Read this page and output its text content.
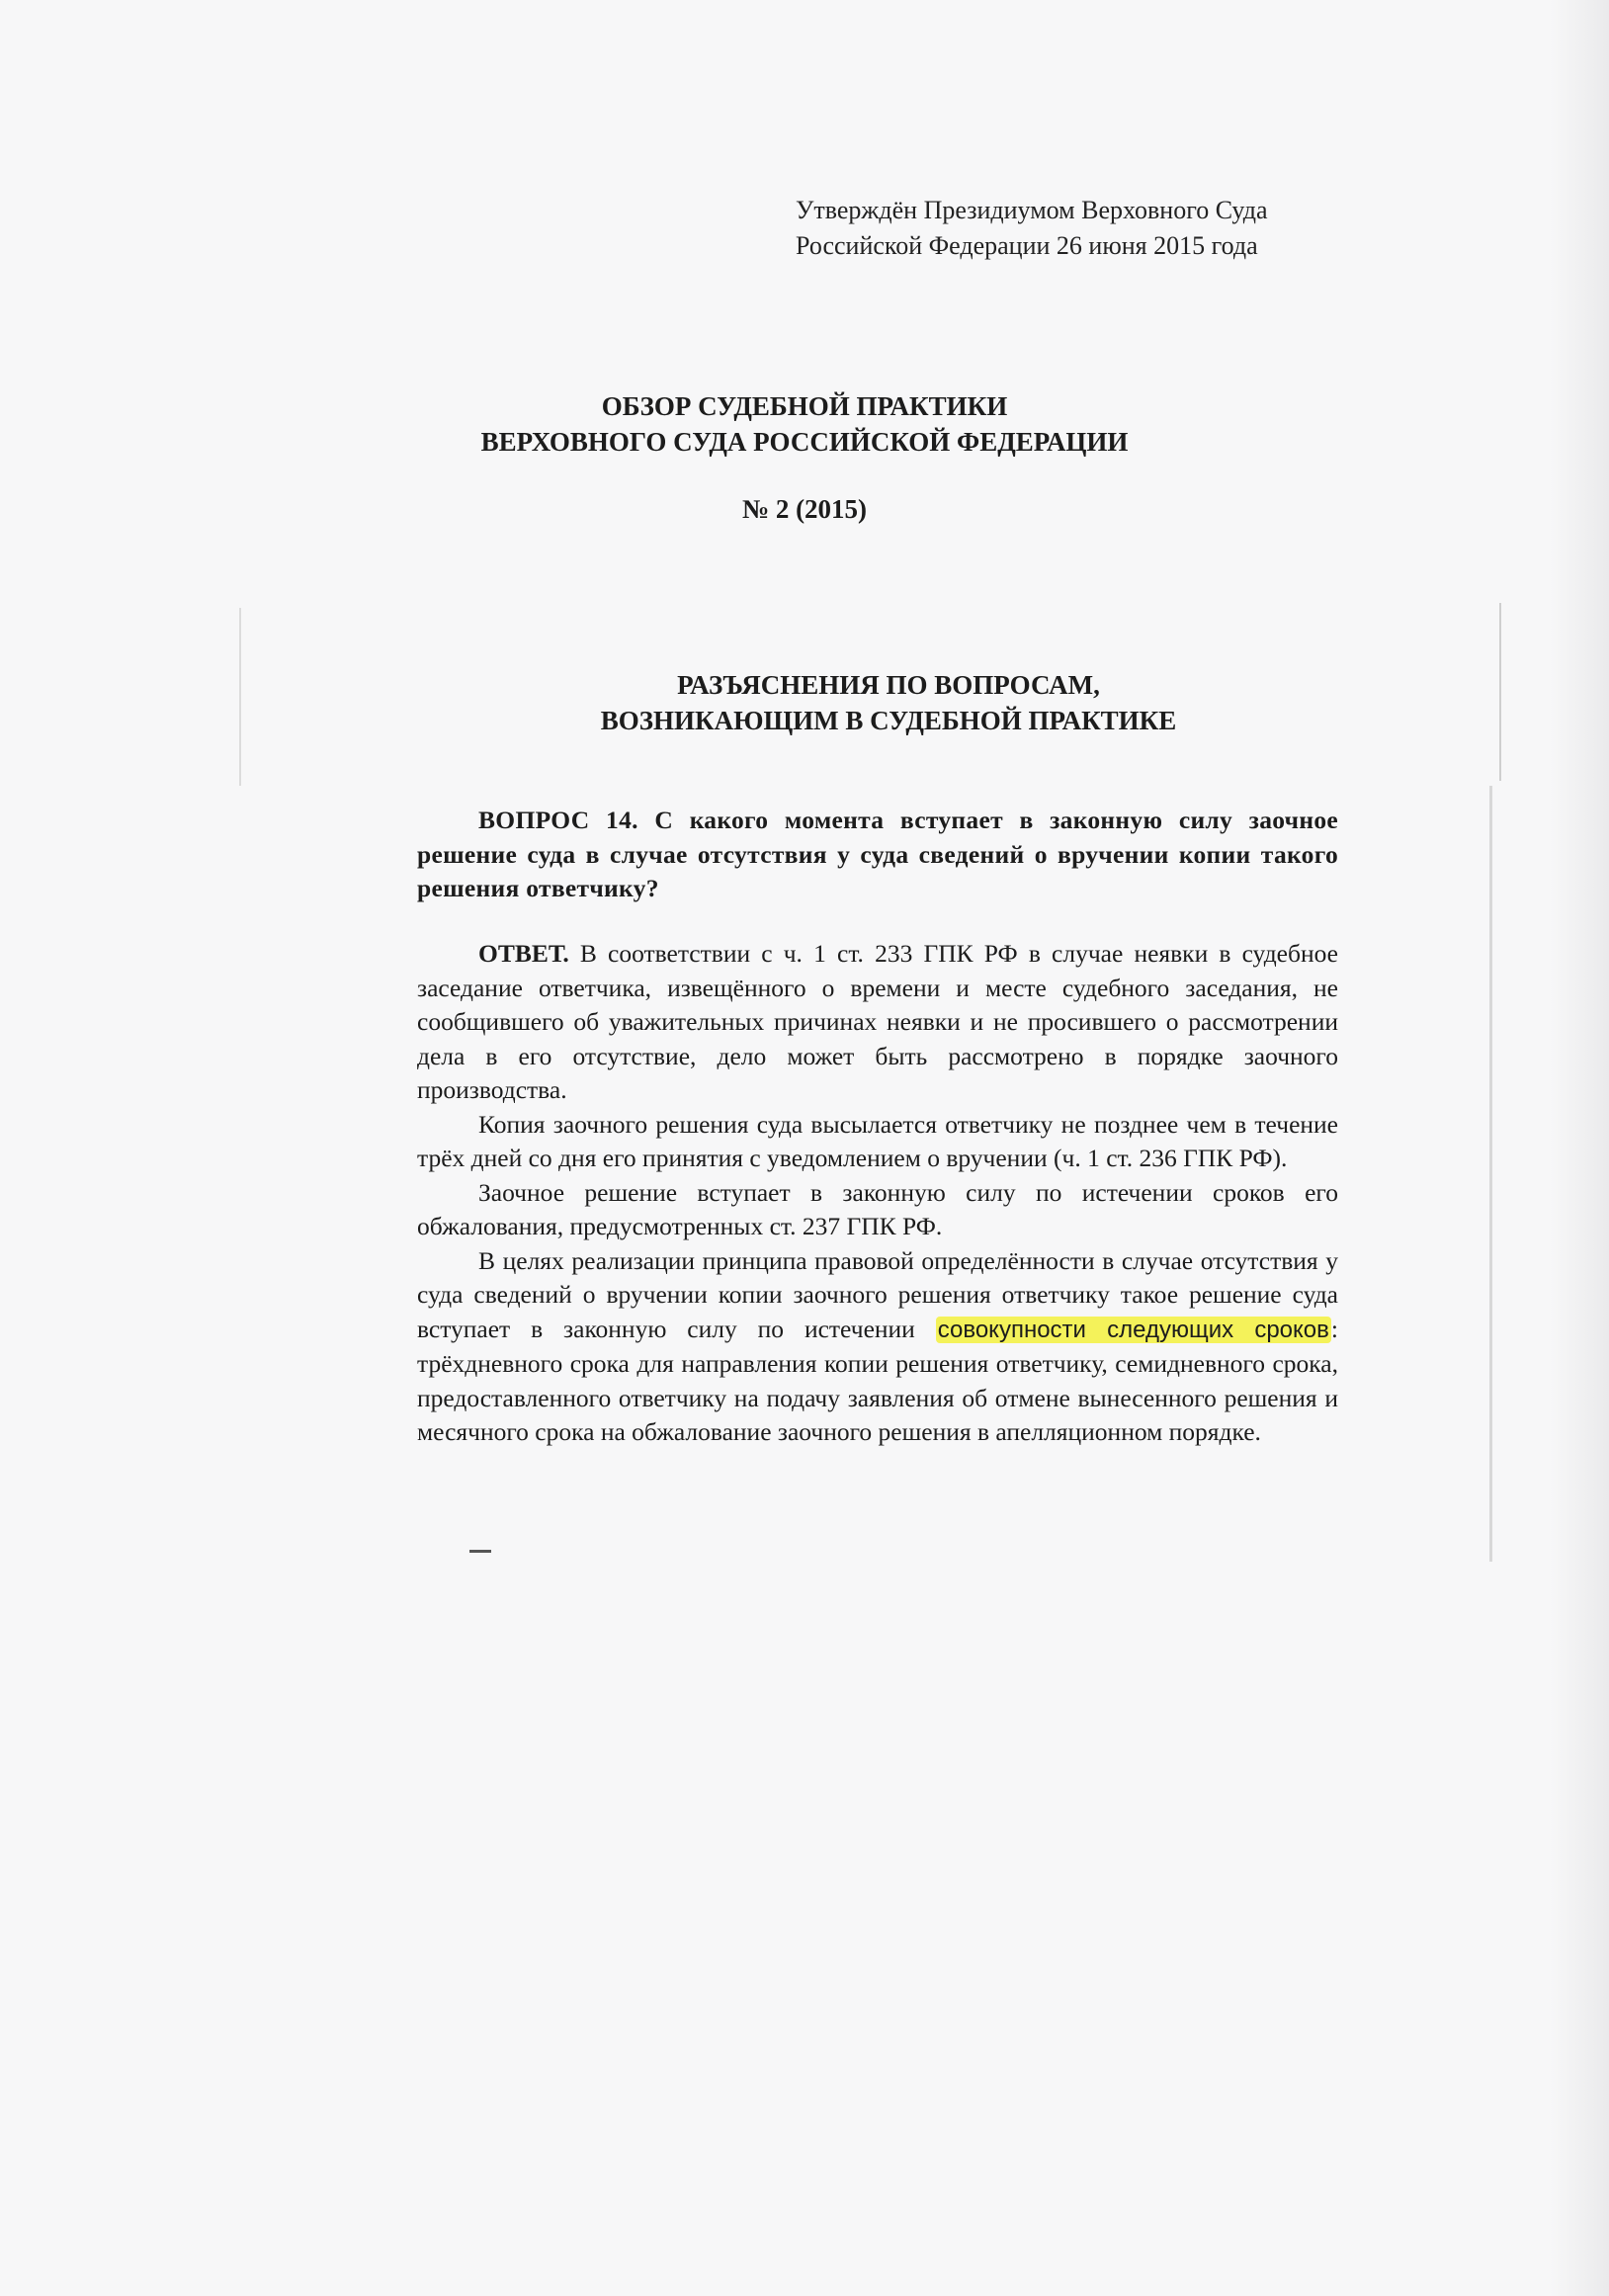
Утверждён Президиумом Верховного Суда
Российской Федерации 26 июня 2015 года
ОБЗОР СУДЕБНОЙ ПРАКТИКИ
ВЕРХОВНОГО СУДА РОССИЙСКОЙ ФЕДЕРАЦИИ
№ 2 (2015)
РАЗЪЯСНЕНИЯ ПО ВОПРОСАМ,
ВОЗНИКАЮЩИМ В СУДЕБНОЙ ПРАКТИКЕ
ВОПРОС 14. С какого момента вступает в законную силу заочное решение суда в случае отсутствия у суда сведений о вручении копии такого решения ответчику?

ОТВЕТ. В соответствии с ч. 1 ст. 233 ГПК РФ в случае неявки в судебное заседание ответчика, извещённого о времени и месте судебного заседания, не сообщившего об уважительных причинах неявки и не просившего о рассмотрении дела в его отсутствие, дело может быть рассмотрено в порядке заочного производства.

Копия заочного решения суда высылается ответчику не позднее чем в течение трёх дней со дня его принятия с уведомлением о вручении (ч. 1 ст. 236 ГПК РФ).

Заочное решение вступает в законную силу по истечении сроков его обжалования, предусмотренных ст. 237 ГПК РФ.

В целях реализации принципа правовой определённости в случае отсутствия у суда сведений о вручении копии заочного решения ответчику такое решение суда вступает в законную силу по истечении совокупности следующих сроков: трёхдневного срока для направления копии решения ответчику, семидневного срока, предоставленного ответчику на подачу заявления об отмене вынесенного решения и месячного срока на обжалование заочного решения в апелляционном порядке.
